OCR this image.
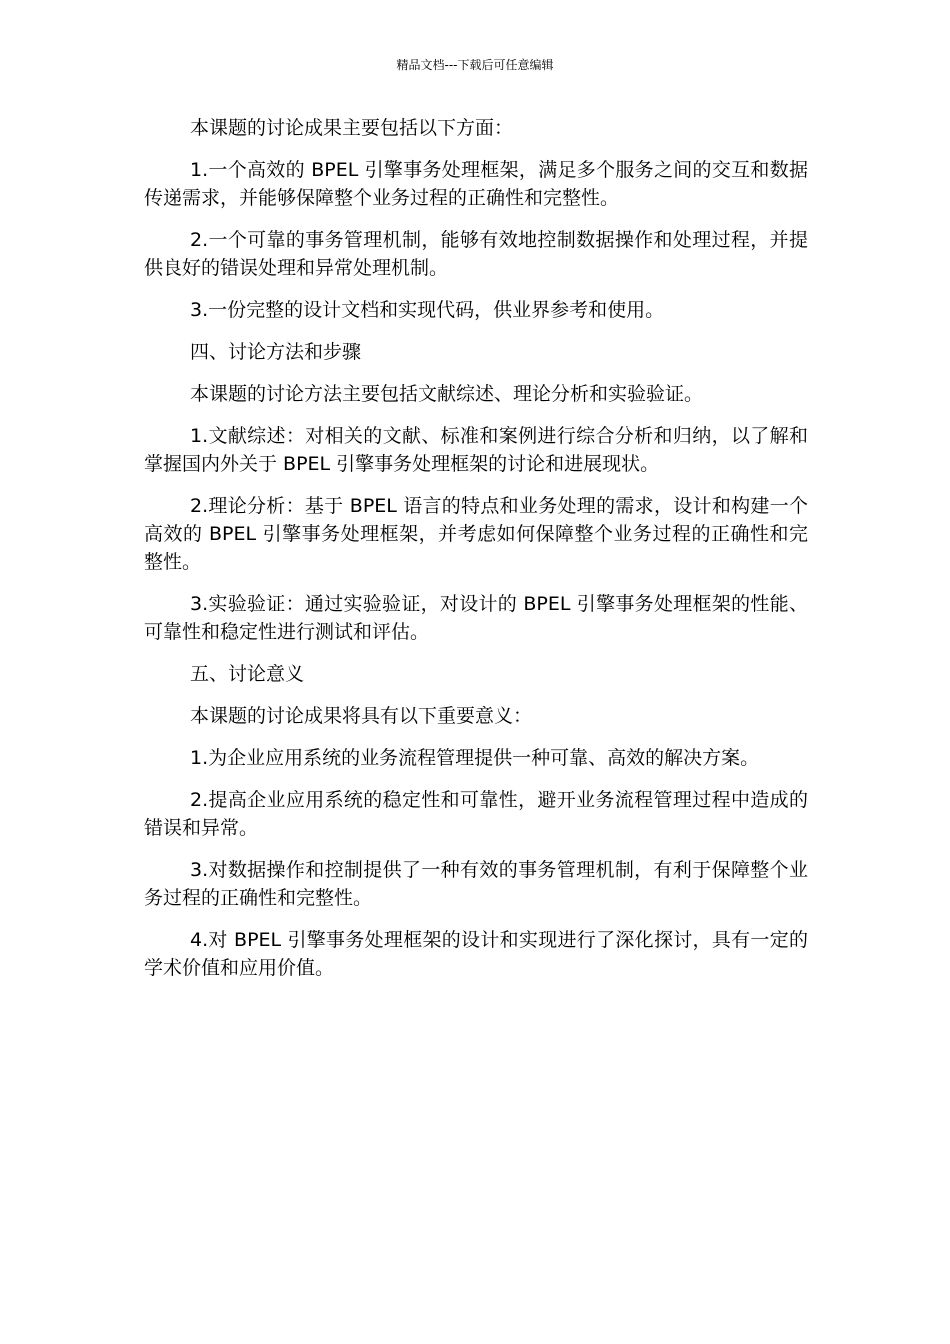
精品文档---下载后可任意编辑

本课题的讨论成果主要包括以下方面：

1.一个高效的 BPEL 引擎事务处理框架，满足多个服务之间的交互和数据传递需求，并能够保障整个业务过程的正确性和完整性。

2.一个可靠的事务管理机制，能够有效地控制数据操作和处理过程，并提供良好的错误处理和异常处理机制。

3.一份完整的设计文档和实现代码，供业界参考和使用。

四、讨论方法和步骤

本课题的讨论方法主要包括文献综述、理论分析和实验验证。

1.文献综述：对相关的文献、标准和案例进行综合分析和归纳，以了解和掌握国内外关于 BPEL 引擎事务处理框架的讨论和进展现状。

2.理论分析：基于 BPEL 语言的特点和业务处理的需求，设计和构建一个高效的 BPEL 引擎事务处理框架，并考虑如何保障整个业务过程的正确性和完整性。

3.实验验证：通过实验验证，对设计的 BPEL 引擎事务处理框架的性能、可靠性和稳定性进行测试和评估。

五、讨论意义

本课题的讨论成果将具有以下重要意义：

1.为企业应用系统的业务流程管理提供一种可靠、高效的解决方案。

2.提高企业应用系统的稳定性和可靠性，避开业务流程管理过程中造成的错误和异常。

3.对数据操作和控制提供了一种有效的事务管理机制，有利于保障整个业务过程的正确性和完整性。

4.对 BPEL 引擎事务处理框架的设计和实现进行了深化探讨，具有一定的学术价值和应用价值。
